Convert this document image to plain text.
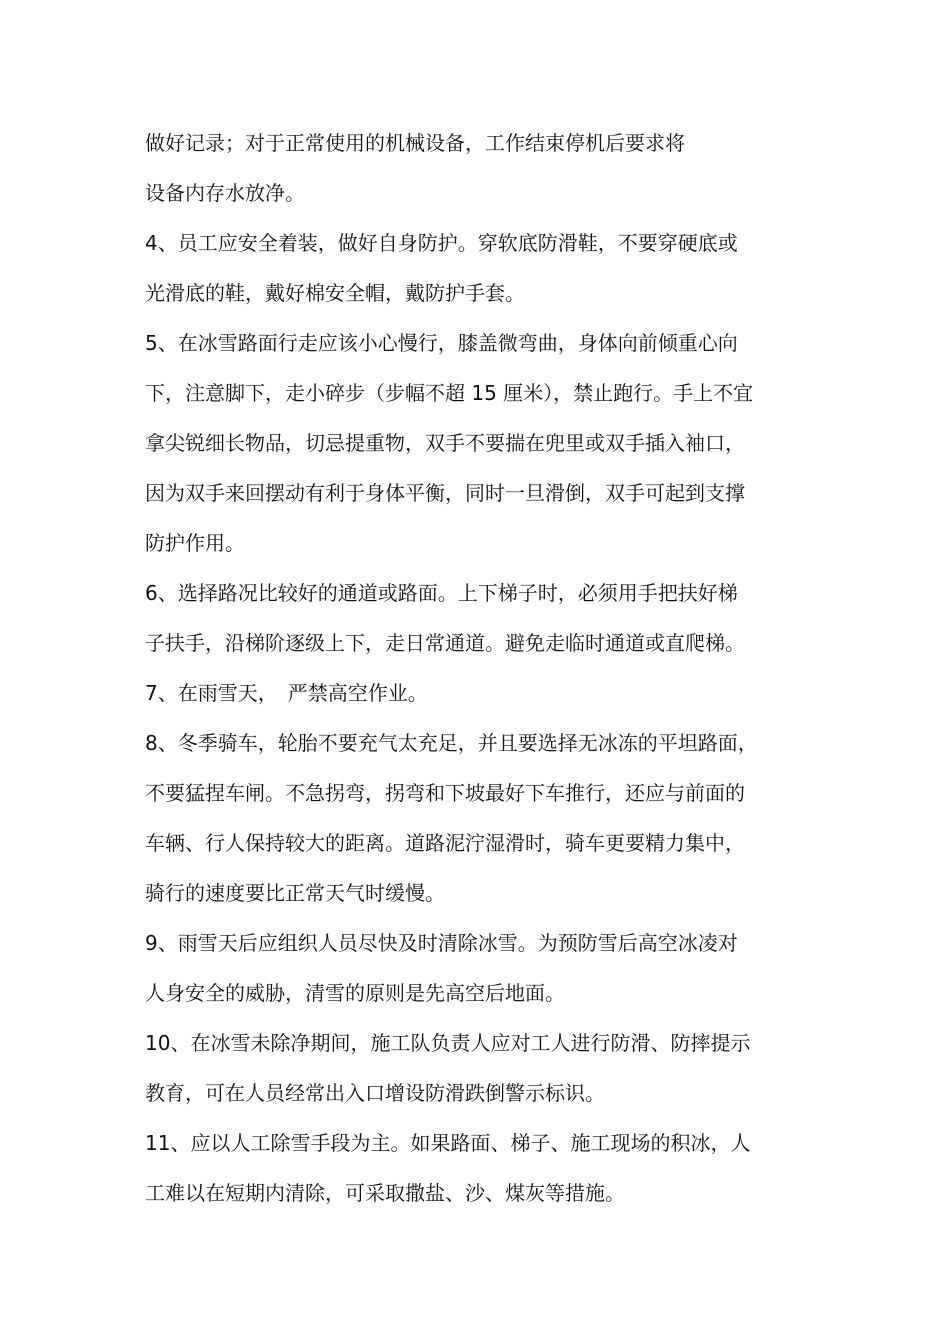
做好记录；对于正常使用的机械设备，工作结束停机后要求将
设备内存水放净。
4、员工应安全着装，做好自身防护。穿软底防滑鞋，不要穿硬底或
光滑底的鞋，戴好棉安全帽，戴防护手套。
5、在冰雪路面行走应该小心慢行，膝盖微弯曲，身体向前倾重心向
下，注意脚下，走小碎步（步幅不超 15 厘米），禁止跑行。手上不宜
拿尖锐细长物品，切忌提重物，双手不要揣在兜里或双手插入袖口，
因为双手来回摆动有利于身体平衡，同时一旦滑倒，双手可起到支撑
防护作用。
6、选择路况比较好的通道或路面。上下梯子时，必须用手把扶好梯
子扶手，沿梯阶逐级上下，走日常通道。避免走临时通道或直爬梯。
7、在雨雪天，　严禁高空作业。
8、冬季骑车，轮胎不要充气太充足，并且要选择无冰冻的平坦路面，
不要猛捏车闸。不急拐弯，拐弯和下坡最好下车推行，还应与前面的
车辆、行人保持较大的距离。道路泥泞湿滑时，骑车更要精力集中，
骑行的速度要比正常天气时缓慢。
9、雨雪天后应组织人员尽快及时清除冰雪。为预防雪后高空冰凌对
人身安全的威胁，清雪的原则是先高空后地面。
10、在冰雪未除净期间，施工队负责人应对工人进行防滑、防摔提示
教育，可在人员经常出入口增设防滑跌倒警示标识。
11、应以人工除雪手段为主。如果路面、梯子、施工现场的积冰，人
工难以在短期内清除，可采取撒盐、沙、煤灰等措施。
